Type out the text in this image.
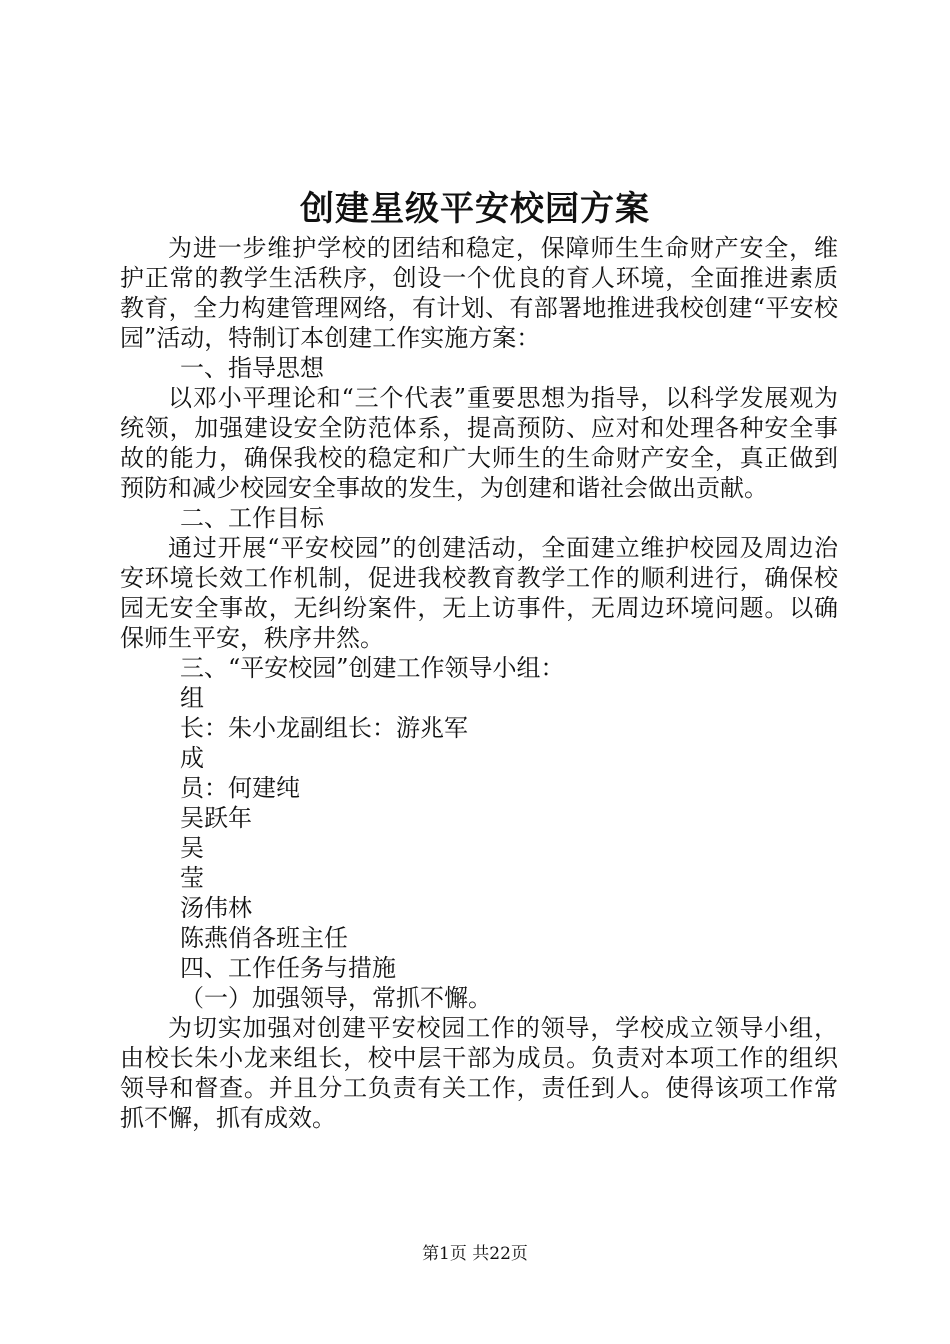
创建星级平安校园方案

为进一步维护学校的团结和稳定，保障师生生命财产安全，维护正常的教学生活秩序，创设一个优良的育人环境，全面推进素质教育，全力构建管理网络，有计划、有部署地推进我校创建“平安校园”活动，特制订本创建工作实施方案：

一、指导思想

以邓小平理论和“三个代表”重要思想为指导，以科学发展观为统领，加强建设安全防范体系，提高预防、应对和处理各种安全事故的能力，确保我校的稳定和广大师生的生命财产安全，真正做到预防和减少校园安全事故的发生，为创建和谐社会做出贡献。

二、工作目标

通过开展“平安校园”的创建活动，全面建立维护校园及周边治安环境长效工作机制，促进我校教育教学工作的顺利进行，确保校园无安全事故，无纠纷案件，无上访事件，无周边环境问题。以确保师生平安，秩序井然。

三、“平安校园”创建工作领导小组：

组

长：朱小龙副组长：游兆军

成

员：何建纯

吴跃年

吴

莹

汤伟林

陈燕俏各班主任

四、工作任务与措施

（一）加强领导，常抓不懈。

为切实加强对创建平安校园工作的领导，学校成立领导小组，由校长朱小龙来组长，校中层干部为成员。负责对本项工作的组织领导和督查。并且分工负责有关工作，责任到人。使得该项工作常抓不懈，抓有成效。

第1页 共22页
